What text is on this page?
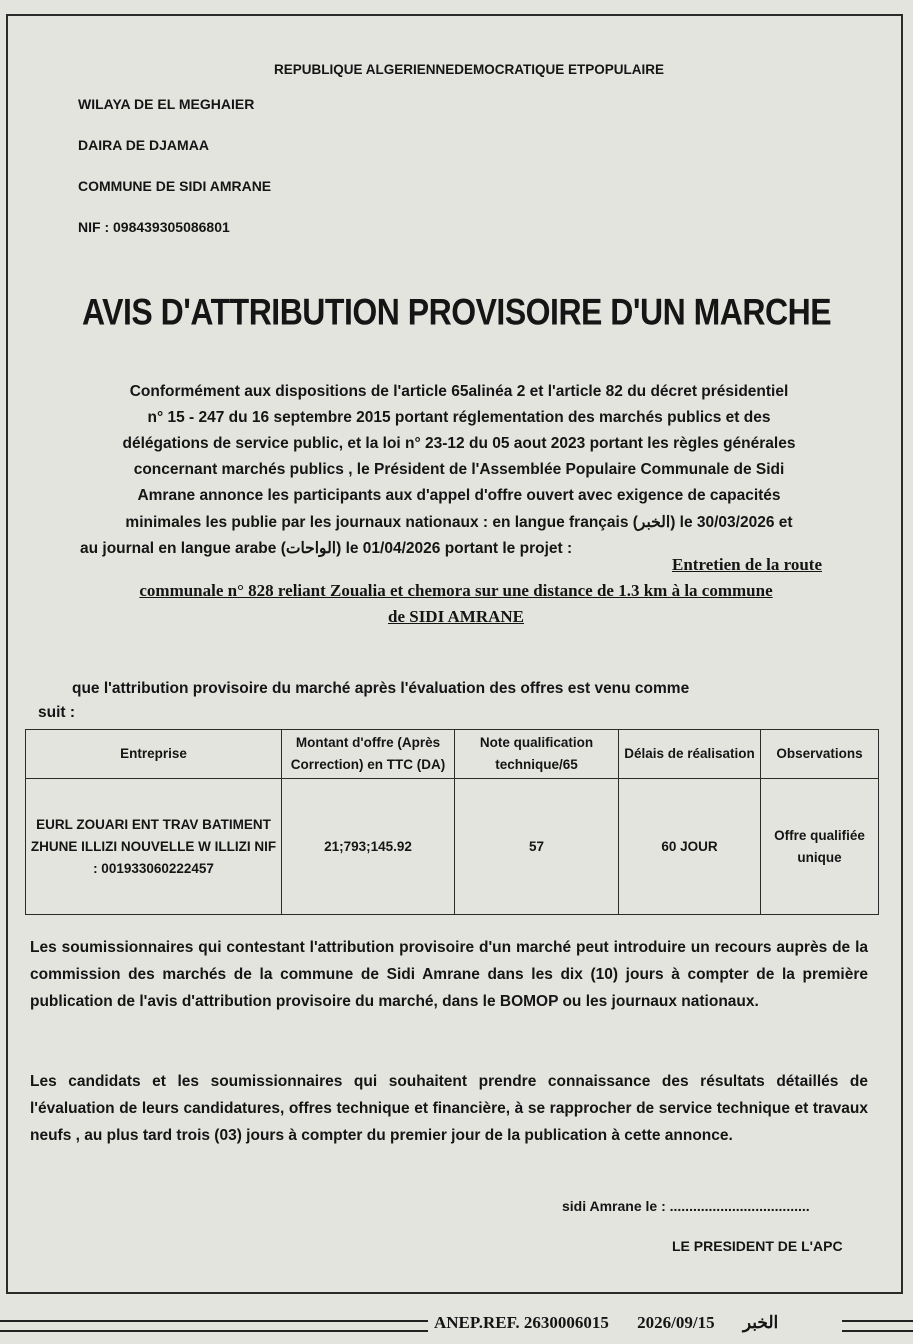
REPUBLIQUE ALGERIENNEDEMOCRATIQUE ETPOPULAIRE
WILAYA DE EL MEGHAIER
DAIRA DE DJAMAA
COMMUNE DE SIDI AMRANE
NIF : 098439305086801
AVIS D'ATTRIBUTION PROVISOIRE D'UN MARCHE
Conformément aux dispositions de l'article 65alinéa 2 et l'article 82 du décret présidentiel
n° 15 - 247 du 16 septembre 2015 portant réglementation des marchés publics et des
délégations de service public, et la loi n° 23-12 du 05 aout 2023 portant les règles générales
concernant marchés publics , le Président de l'Assemblée Populaire Communale de Sidi
Amrane annonce les participants aux d'appel d'offre ouvert avec exigence de capacités
minimales les publie par les journaux nationaux : en langue français (الخبر) le 30/03/2026 et
au journal en langue arabe (الواحات) le 01/04/2026 portant le projet :
Entretien de la route
communale n° 828 reliant Zoualia et chemora sur une distance de 1.3 km à la commune
de SIDI AMRANE
que l'attribution provisoire du marché après l'évaluation des offres est venu comme
suit :
Entreprise	Montant d'offre (Après Correction) en TTC (DA)	Note qualification technique/65	Délais de réalisation	Observations
EURL ZOUARI ENT TRAV BATIMENT ZHUNE ILLIZI NOUVELLE W ILLIZI NIF : 001933060222457	21;793;145.92	57	60 JOUR	Offre qualifiée unique
Les soumissionnaires qui contestant l'attribution provisoire d'un marché peut introduire un recours auprès de la commission des marchés de la commune de Sidi Amrane dans les dix (10) jours à compter de la première publication de l'avis d'attribution provisoire du marché, dans le BOMOP ou les journaux nationaux.
Les candidats et les soumissionnaires qui souhaitent prendre connaissance des résultats détaillés de l'évaluation de leurs candidatures, offres technique et financière, à se rapprocher de service technique et travaux neufs , au plus tard trois (03) jours à compter du premier jour de la publication à cette annonce.
sidi Amrane le : ....................................
LE PRESIDENT DE L'APC
ANEP.REF. 2630006015 2026/09/15 الخبر
